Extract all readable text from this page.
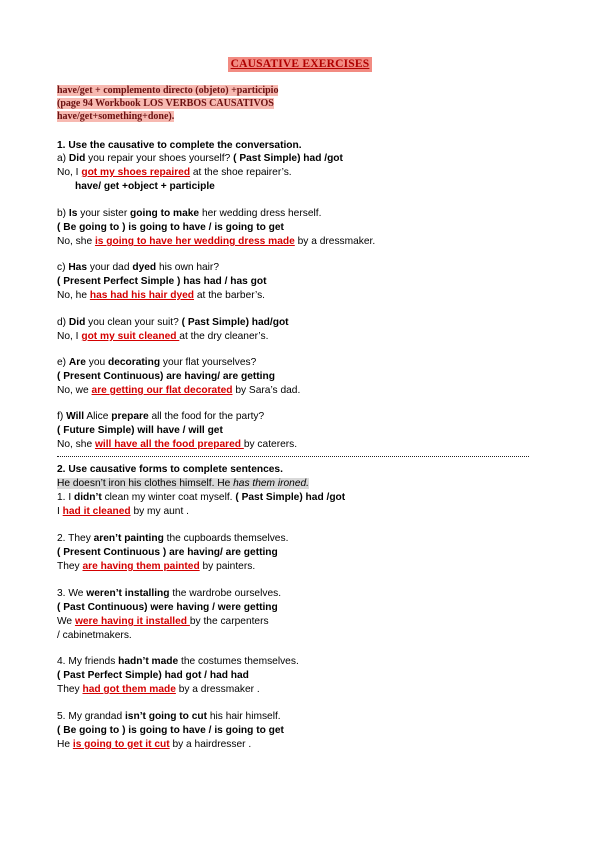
CAUSATIVE EXERCISES
have/get + complemento directo (objeto) +participio
(page 94 Workbook LOS VERBOS CAUSATIVOS
have/get+something+done).
1. Use the causative to complete the conversation.
a) Did you repair your shoes yourself? ( Past Simple) had /got
No, I got my shoes repaired at the shoe repairer’s.
have/ get +object + participle
b) Is your sister going to make her wedding dress herself.
( Be going to ) is going to have / is going to get
No, she is going to have her wedding dress made by a dressmaker.
c) Has your dad dyed his own hair?
( Present Perfect Simple ) has had / has got
No, he has had his hair dyed at the barber’s.
d) Did you clean your suit? ( Past Simple) had/got
No, I got my suit cleaned at the dry cleaner’s.
e) Are you decorating your flat yourselves?
( Present Continuous) are having/ are getting
No, we are getting our flat decorated by Sara’s dad.
f) Will Alice prepare all the food for the party?
( Future Simple) will have / will get
No, she will have all the food prepared by caterers.
2. Use causative forms to complete sentences.
He doesn’t iron his clothes himself. He has them ironed.
1. I didn’t clean my winter coat myself. ( Past Simple) had /got
I had it cleaned by my aunt .
2. They aren’t painting the cupboards themselves.
( Present Continuous ) are having/ are getting
They are having them painted by painters.
3. We weren’t installing the wardrobe ourselves.
( Past Continuous) were having / were getting
We were having it installed by the carpenters
/ cabinetmakers.
4. My friends hadn’t made the costumes themselves.
( Past Perfect Simple) had got / had had
They had got them made by a dressmaker .
5. My grandad isn’t going to cut his hair himself.
( Be going to ) is going to have / is going to get
He is going to get it cut by a hairdresser .
